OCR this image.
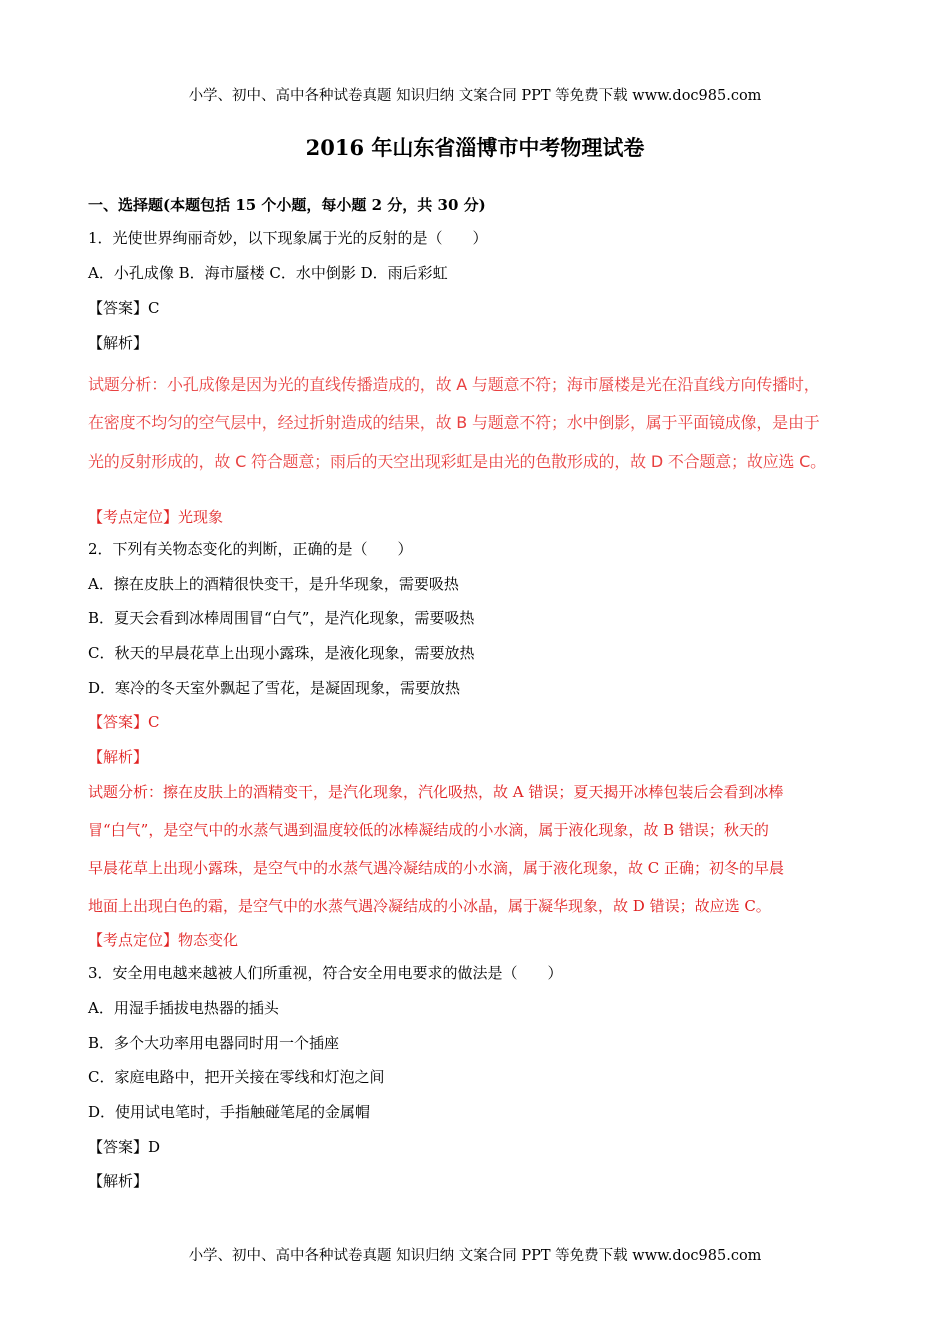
小学、初中、高中各种试卷真题 知识归纳 文案合同 PPT 等免费下载 www.doc985.com
2016 年山东省淄博市中考物理试卷
一、选择题(本题包括 15 个小题，每小题 2 分，共 30 分)
1．光使世界绚丽奇妙，以下现象属于光的反射的是（　　）
A．小孔成像 B．海市蜃楼 C．水中倒影 D．雨后彩虹
【答案】C
【解析】
试题分析：小孔成像是因为光的直线传播造成的，故 A 与题意不符；海市蜃楼是光在沿直线方向传播时，
在密度不均匀的空气层中，经过折射造成的结果，故 B 与题意不符；水中倒影，属于平面镜成像，是由于
光的反射形成的，故 C 符合题意；雨后的天空出现彩虹是由光的色散形成的，故 D 不合题意；故应选 C。
【考点定位】光现象
2．下列有关物态变化的判断，正确的是（　　）
A．擦在皮肤上的酒精很快变干，是升华现象，需要吸热
B．夏天会看到冰棒周围冒“白气”，是汽化现象，需要吸热
C．秋天的早晨花草上出现小露珠，是液化现象，需要放热
D．寒冷的冬天室外飘起了雪花，是凝固现象，需要放热
【答案】C
【解析】
试题分析：擦在皮肤上的酒精变干，是汽化现象，汽化吸热，故 A 错误；夏天揭开冰棒包装后会看到冰棒
冒“白气”，是空气中的水蒸气遇到温度较低的冰棒凝结成的小水滴，属于液化现象，故 B 错误；秋天的
早晨花草上出现小露珠，是空气中的水蒸气遇冷凝结成的小水滴，属于液化现象，故 C 正确；初冬的早晨
地面上出现白色的霜，是空气中的水蒸气遇冷凝结成的小冰晶，属于凝华现象，故 D 错误；故应选 C。
【考点定位】物态变化
3．安全用电越来越被人们所重视，符合安全用电要求的做法是（　　）
A．用湿手插拔电热器的插头
B．多个大功率用电器同时用一个插座
C．家庭电路中，把开关接在零线和灯泡之间
D．使用试电笔时，手指触碰笔尾的金属帽
【答案】D
【解析】
小学、初中、高中各种试卷真题 知识归纳 文案合同 PPT 等免费下载 www.doc985.com
